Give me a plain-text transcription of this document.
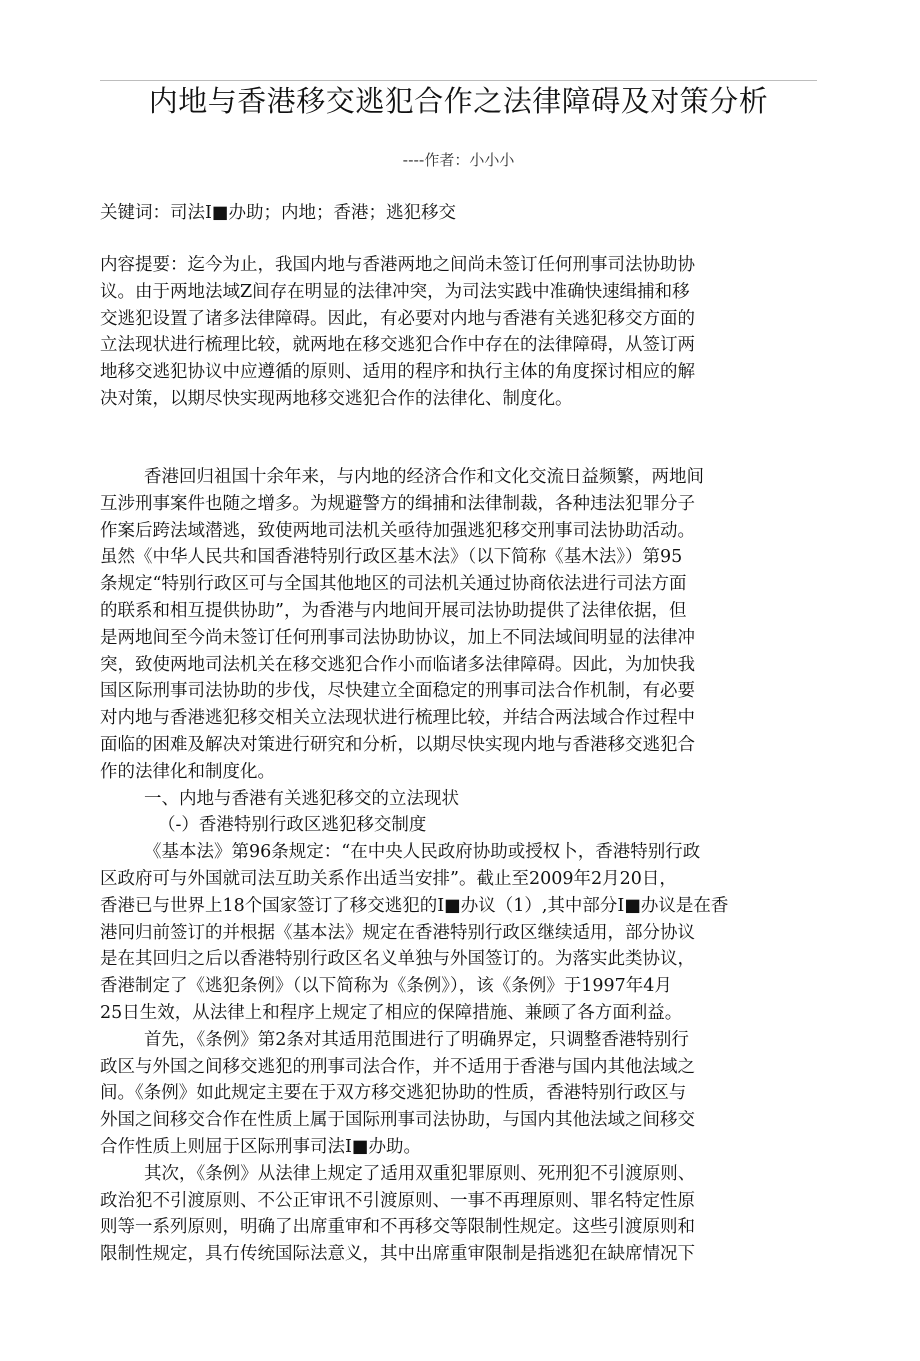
内地与香港移交逃犯合作之法律障碍及对策分析
----作者：小小小
关键词：司法I■办助；内地；香港；逃犯移交
内容提要：迄今为止，我国内地与香港两地之间尚未签订任何刑事司法协助协
议。由于两地法域Z间存在明显的法律冲突，为司法实践中准确快速缉捕和移
交逃犯设置了诸多法律障碍。因此，有必要对内地与香港有关逃犯移交方面的
立法现状进行梳理比较，就两地在移交逃犯合作中存在的法律障碍，从签订两
地移交逃犯协议中应遵循的原则、适用的程序和执行主体的角度探讨相应的解
决对策，以期尽快实现两地移交逃犯合作的法律化、制度化。
香港回归祖国十余年来，与内地的经济合作和文化交流日益频繁，两地间
互涉刑事案件也随之增多。为规避警方的缉捕和法律制裁，各种违法犯罪分子
作案后跨法域潜逃，致使两地司法机关亟待加强逃犯移交刑事司法协助活动。
虽然《中华人民共和国香港特别行政区基木法》（以下简称《基木法》）第95
条规定“特别行政区可与全国其他地区的司法机关通过协商依法进行司法方面
的联系和相互提供协助”，为香港与内地间开展司法协助提供了法律依据，但
是两地间至今尚未签订任何刑事司法协助协议，加上不同法域间明显的法律冲
突，致使两地司法机关在移交逃犯合作小而临诸多法律障碍。因此，为加快我
国区际刑事司法协助的步伐，尽快建立全面稳定的刑事司法合作机制，有必要
对内地与香港逃犯移交相关立法现状进行梳理比较，并结合两法域合作过程中
面临的困难及解决对策进行研究和分析，以期尽快实现内地与香港移交逃犯合
作的法律化和制度化。
一、内地与香港有关逃犯移交的立法现状
（-）香港特别行政区逃犯移交制度
《基本法》第96条规定：“在中央人民政府协助或授权卜，香港特别行政
区政府可与外国就司法互助关系作出适当安排”。截止至2009年2月20日，
香港已与世界上18个国家签订了移交逃犯的I■办议（1）,其中部分I■办议是在香
港冋归前签订的并根据《基本法》规定在香港特别行政区继续适用，部分协议
是在其回归之后以香港特别行政区名义单独与外国签订的。为落实此类协议，
香港制定了《逃犯条例》（以下简称为《条例》），该《条例》于1997年4月
25日生效，从法律上和程序上规定了相应的保障措施、兼顾了各方面利益。
首先，《条例》第2条对其适用范围进行了明确界定，只调整香港特别行
政区与外国之间移交逃犯的刑事司法合作，并不适用于香港与国内其他法域之
间。《条例》如此规定主要在于双方移交逃犯协助的性质，香港特别行政区与
外国之间移交合作在性质上属于国际刑事司法协助，与国内其他法域之间移交
合作性质上则屈于区际刑事司法I■办助。
其次，《条例》从法律上规定了适用双重犯罪原则、死刑犯不引渡原则、
政治犯不引渡原则、不公正审讯不引渡原则、一事不再理原则、罪名特定性原
则等一系列原则，明确了出席重审和不再移交等限制性规定。这些引渡原则和
限制性规定，具冇传统国际法意义，其中出席重审限制是指逃犯在缺席情况下
